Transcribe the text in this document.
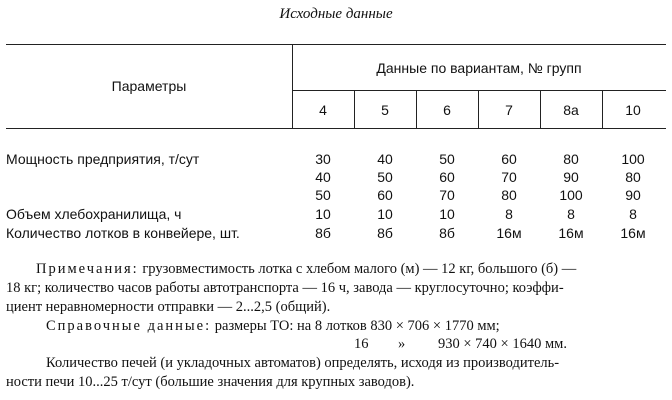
Исходные данные
Параметры
Данные по вариантам, № групп
4	5	6	7	8а	10
Мощность предприятия, т/сут	30	40	50	60	80	100
40	50	60	70	90	80
50	60	70	80	100	90
Объем хлебохранилища, ч	10	10	10	8	8	8
Количество лотков в конвейере, шт.	8б	8б	8б	16м	16м	16м
Примечания: грузовместимость лотка с хлебом малого (м) — 12 кг, большого (б) —
18 кг; количество часов работы автотранспорта — 16 ч, завода — круглосуточно; коэффи-
циент неравномерности отправки — 2...2,5 (общий).
Справочные данные: размеры ТО: на 8 лотков 830 × 706 × 1770 мм;
16 » 930 × 740 × 1640 мм.
Количество печей (и укладочных автоматов) определять, исходя из производитель-
ности печи 10...25 т/сут (большие значения для крупных заводов).
